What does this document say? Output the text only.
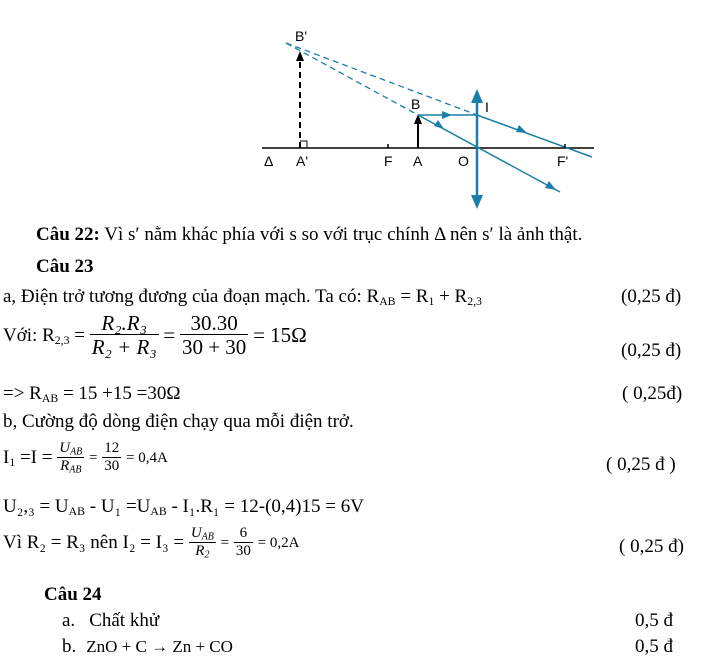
B'
B	I
Δ A'	F A	O	F'
Câu 22: Vì s′ nằm khác phía với s so với trục chính Δ nên s′ là ảnh thật.
Câu 23
a, Điện trở tương đương của đoạn mạch. Ta có: $R_{AB} = R_1 + R_{2,3}$	(0,25 đ)
Với: $R_{2,3} = \frac{\text{R₂.R₃}}{\text{R₂ + R₃}} = \frac{30.30}{30 + 30} = 15\Omega$
(0,25 đ)
=> $R_{AB} = 15 +15 =30\Omega$	( 0,25đ)
b, Cường độ dòng điện chạy qua mỗi điện trở.
$I_1 =I = \frac{\text{UAB}}{\text{RAB}} = \frac{12}{30} = 0,4A$	( 0,25 đ )
$U_2,_3 = U_{AB} - U_1 =U_{AB} - I_1.R_1 = 12-(0,4)15 = 6V$
Vì R₂ = R₃ nên $I_2 = I_3 = \frac{\text{UAB}}{R2} = \frac{6}{30} = 0,2A$	( 0,25 đ)
Câu 24
a. Chất khử	0,5 đ
b. ZnO + C → Zn + CO	0,5 đ
